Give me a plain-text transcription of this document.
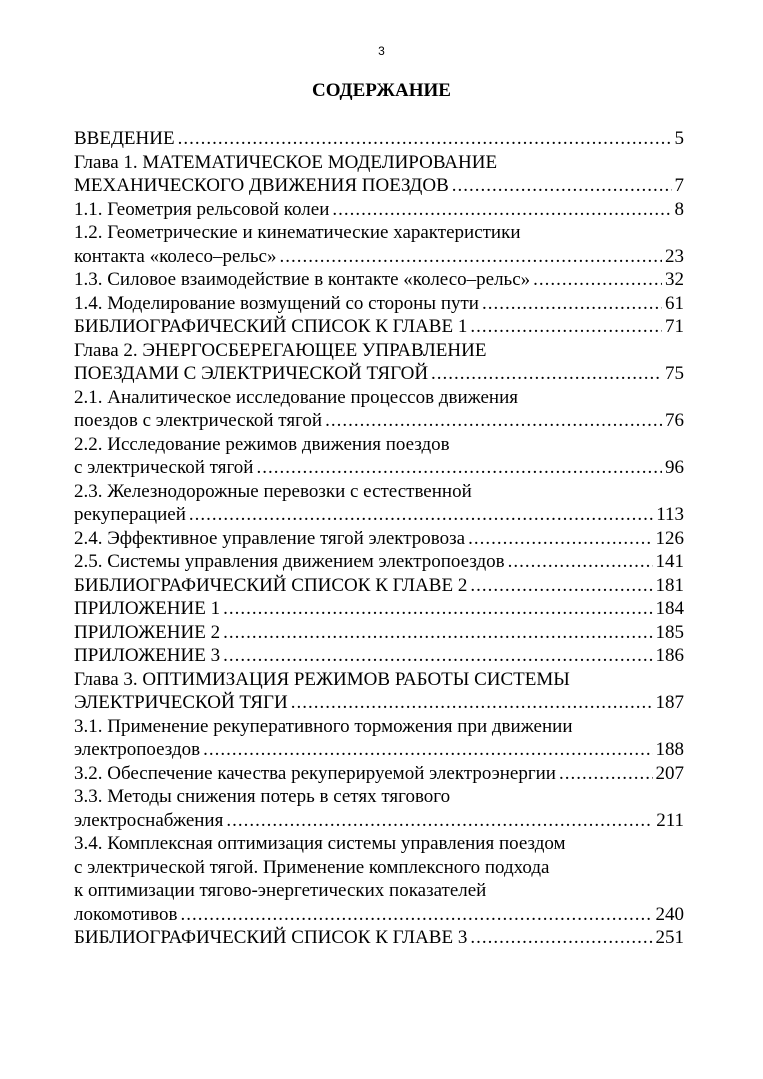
3
СОДЕРЖАНИЕ
ВВЕДЕНИЕ .....	5
Глава 1. МАТЕМАТИЧЕСКОЕ МОДЕЛИРОВАНИЕ
МЕХАНИЧЕСКОГО ДВИЖЕНИЯ ПОЕЗДОВ .....	7
1.1. Геометрия рельсовой колеи .....	8
1.2. Геометрические и кинематические характеристики
контакта «колесо–рельс» .....	23
1.3. Силовое взаимодействие в контакте «колесо–рельс» .....	32
1.4. Моделирование возмущений со стороны пути .....	61
БИБЛИОГРАФИЧЕСКИЙ СПИСОК К ГЛАВЕ 1 .....	71
Глава 2. ЭНЕРГОСБЕРЕГАЮЩЕЕ УПРАВЛЕНИЕ
ПОЕЗДАМИ С ЭЛЕКТРИЧЕСКОЙ ТЯГОЙ .....	75
2.1. Аналитическое исследование процессов движения
поездов с электрической тягой .....	76
2.2. Исследование режимов движения поездов
с электрической тягой .....	96
2.3. Железнодорожные перевозки с естественной
рекуперацией .....	113
2.4. Эффективное управление тягой электровоза .....	126
2.5. Системы управления движением электропоездов .....	141
БИБЛИОГРАФИЧЕСКИЙ СПИСОК К ГЛАВЕ 2 .....	181
ПРИЛОЖЕНИЕ 1 .....	184
ПРИЛОЖЕНИЕ 2 .....	185
ПРИЛОЖЕНИЕ 3 .....	186
Глава 3. ОПТИМИЗАЦИЯ РЕЖИМОВ РАБОТЫ СИСТЕМЫ
ЭЛЕКТРИЧЕСКОЙ ТЯГИ .....	187
3.1. Применение рекуперативного торможения при движении
электропоездов .....	188
3.2. Обеспечение качества рекуперируемой электроэнергии .....	207
3.3. Методы снижения потерь в сетях тягового
электроснабжения .....	211
3.4. Комплексная оптимизация системы управления поездом
с электрической тягой. Применение комплексного подхода
к оптимизации тягово-энергетических показателей
локомотивов .....	240
БИБЛИОГРАФИЧЕСКИЙ СПИСОК К ГЛАВЕ 3 .....	251
